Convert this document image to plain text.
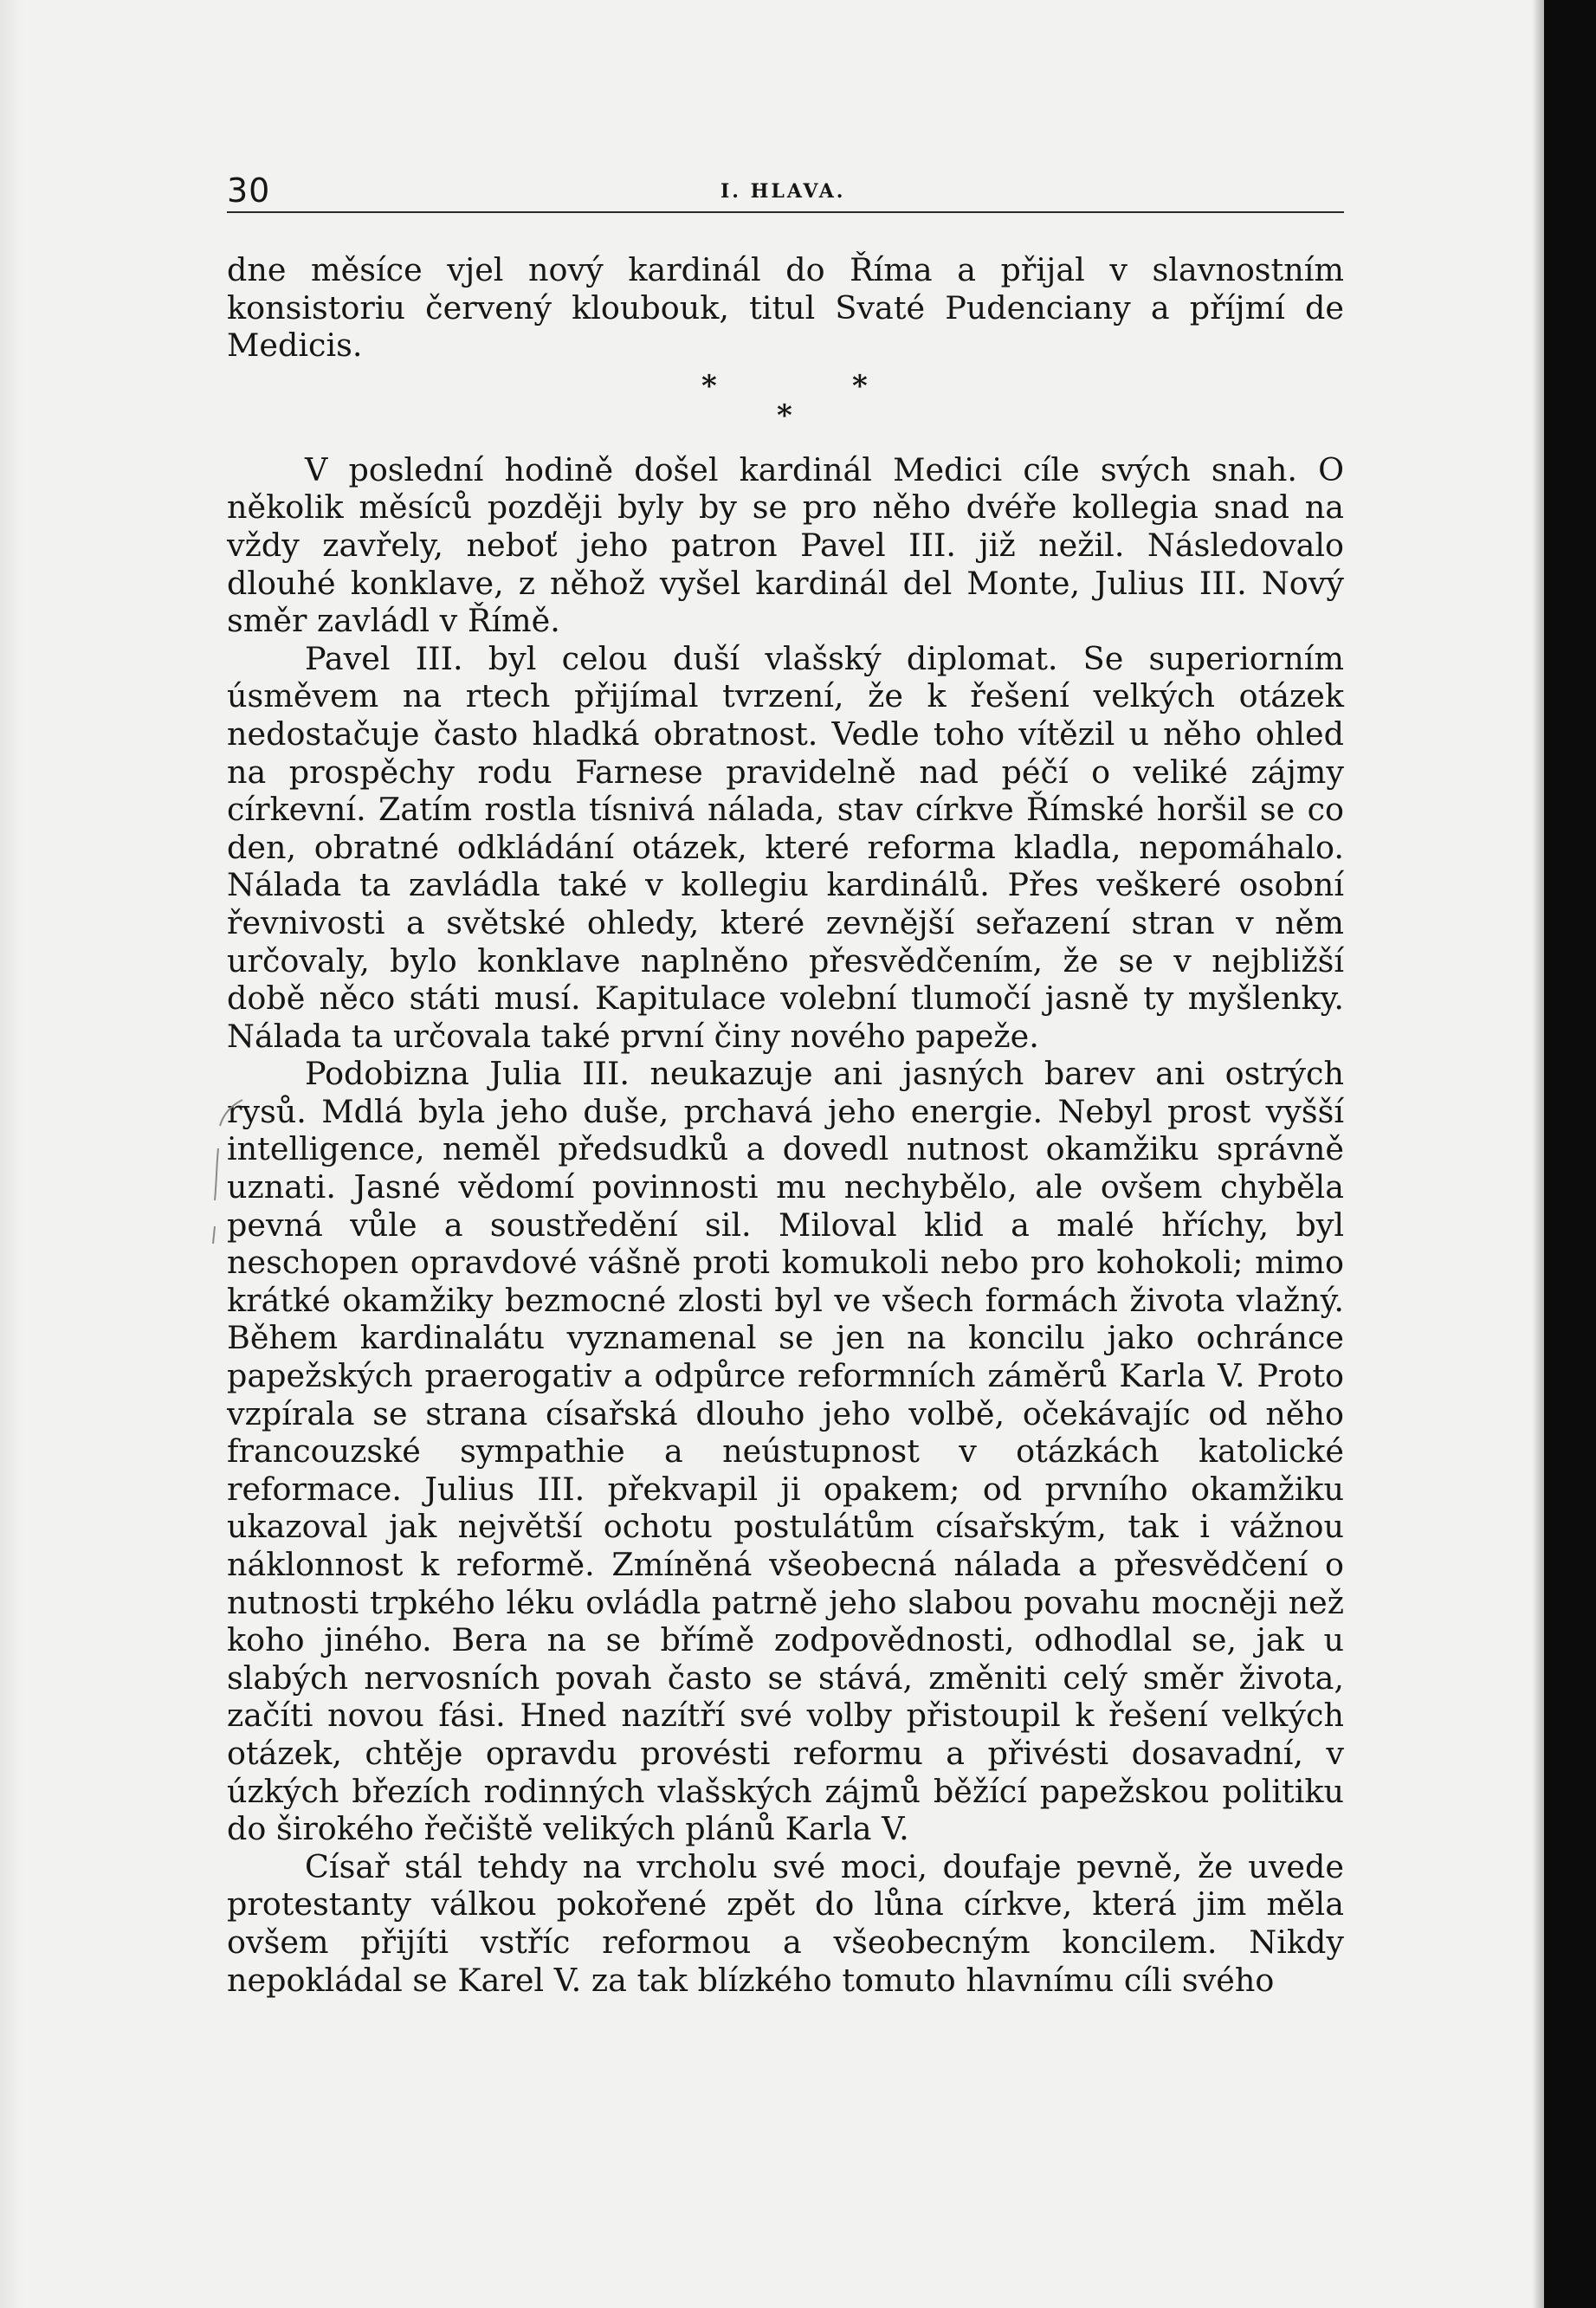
30	I. HLAVA.

dne měsíce vjel nový kardinál do Říma a přijal v slavnostním konsistoriu červený kloubouk, titul Svaté Pudenciany a příjmí de Medicis.

*	*
*

V poslední hodině došel kardinál Medici cíle svých snah. O několik měsíců později byly by se pro něho dvéře kollegia snad na vždy zavřely, neboť jeho patron Pavel III. již nežil. Následovalo dlouhé konklave, z něhož vyšel kardinál del Monte, Julius III. Nový směr zavládl v Římě.

Pavel III. byl celou duší vlašský diplomat. Se superiorním úsměvem na rtech přijímal tvrzení, že k řešení velkých otázek nedostačuje často hladká obratnost. Vedle toho vítězil u něho ohled na prospěchy rodu Farnese pravidelně nad péčí o veliké zájmy církevní. Zatím rostla tísnivá nálada, stav církve Římské horšil se co den, obratné odkládání otázek, které reforma kladla, nepomáhalo. Nálada ta zavládla také v kollegiu kardinálů. Přes veškeré osobní řevnivosti a světské ohledy, které zevnější seřazení stran v něm určovaly, bylo konklave naplněno přesvědčením, že se v nejbližší době něco státi musí. Kapitulace volební tlumočí jasně ty myšlenky. Nálada ta určovala také první činy nového papeže.

Podobizna Julia III. neukazuje ani jasných barev ani ostrých rysů. Mdlá byla jeho duše, prchavá jeho energie. Nebyl prost vyšší intelligence, neměl předsudků a dovedl nutnost okamžiku správně uznati. Jasné vědomí povinnosti mu nechybělo, ale ovšem chyběla pevná vůle a soustředění sil. Miloval klid a malé hříchy, byl neschopen opravdové vášně proti komukoli nebo pro kohokoli; mimo krátké okamžiky bezmocné zlosti byl ve všech formách života vlažný. Během kardinalátu vyznamenal se jen na koncilu jako ochránce papežských praerogativ a odpůrce reformních záměrů Karla V. Proto vzpírala se strana císařská dlouho jeho volbě, očekávajíc od něho francouzské sympathie a neústupnost v otázkách katolické reformace. Julius III. překvapil ji opakem; od prvního okamžiku ukazoval jak největší ochotu postulátům císařským, tak i vážnou náklonnost k reformě. Zmíněná všeobecná nálada a přesvědčení o nutnosti trpkého léku ovládla patrně jeho slabou povahu mocněji než koho jiného. Bera na se břímě zodpovědnosti, odhodlal se, jak u slabých nervosních povah často se stává, změniti celý směr života, začíti novou fási. Hned nazítří své volby přistoupil k řešení velkých otázek, chtěje opravdu provésti reformu a přivésti dosavadní, v úzkých březích rodinných vlašských zájmů běžící papežskou politiku do širokého řečiště velikých plánů Karla V.

Císař stál tehdy na vrcholu své moci, doufaje pevně, že uvede protestanty válkou pokořené zpět do lůna církve, která jim měla ovšem přijíti vstříc reformou a všeobecným koncilem. Nikdy nepokládal se Karel V. za tak blízkého tomuto hlavnímu cíli svého
